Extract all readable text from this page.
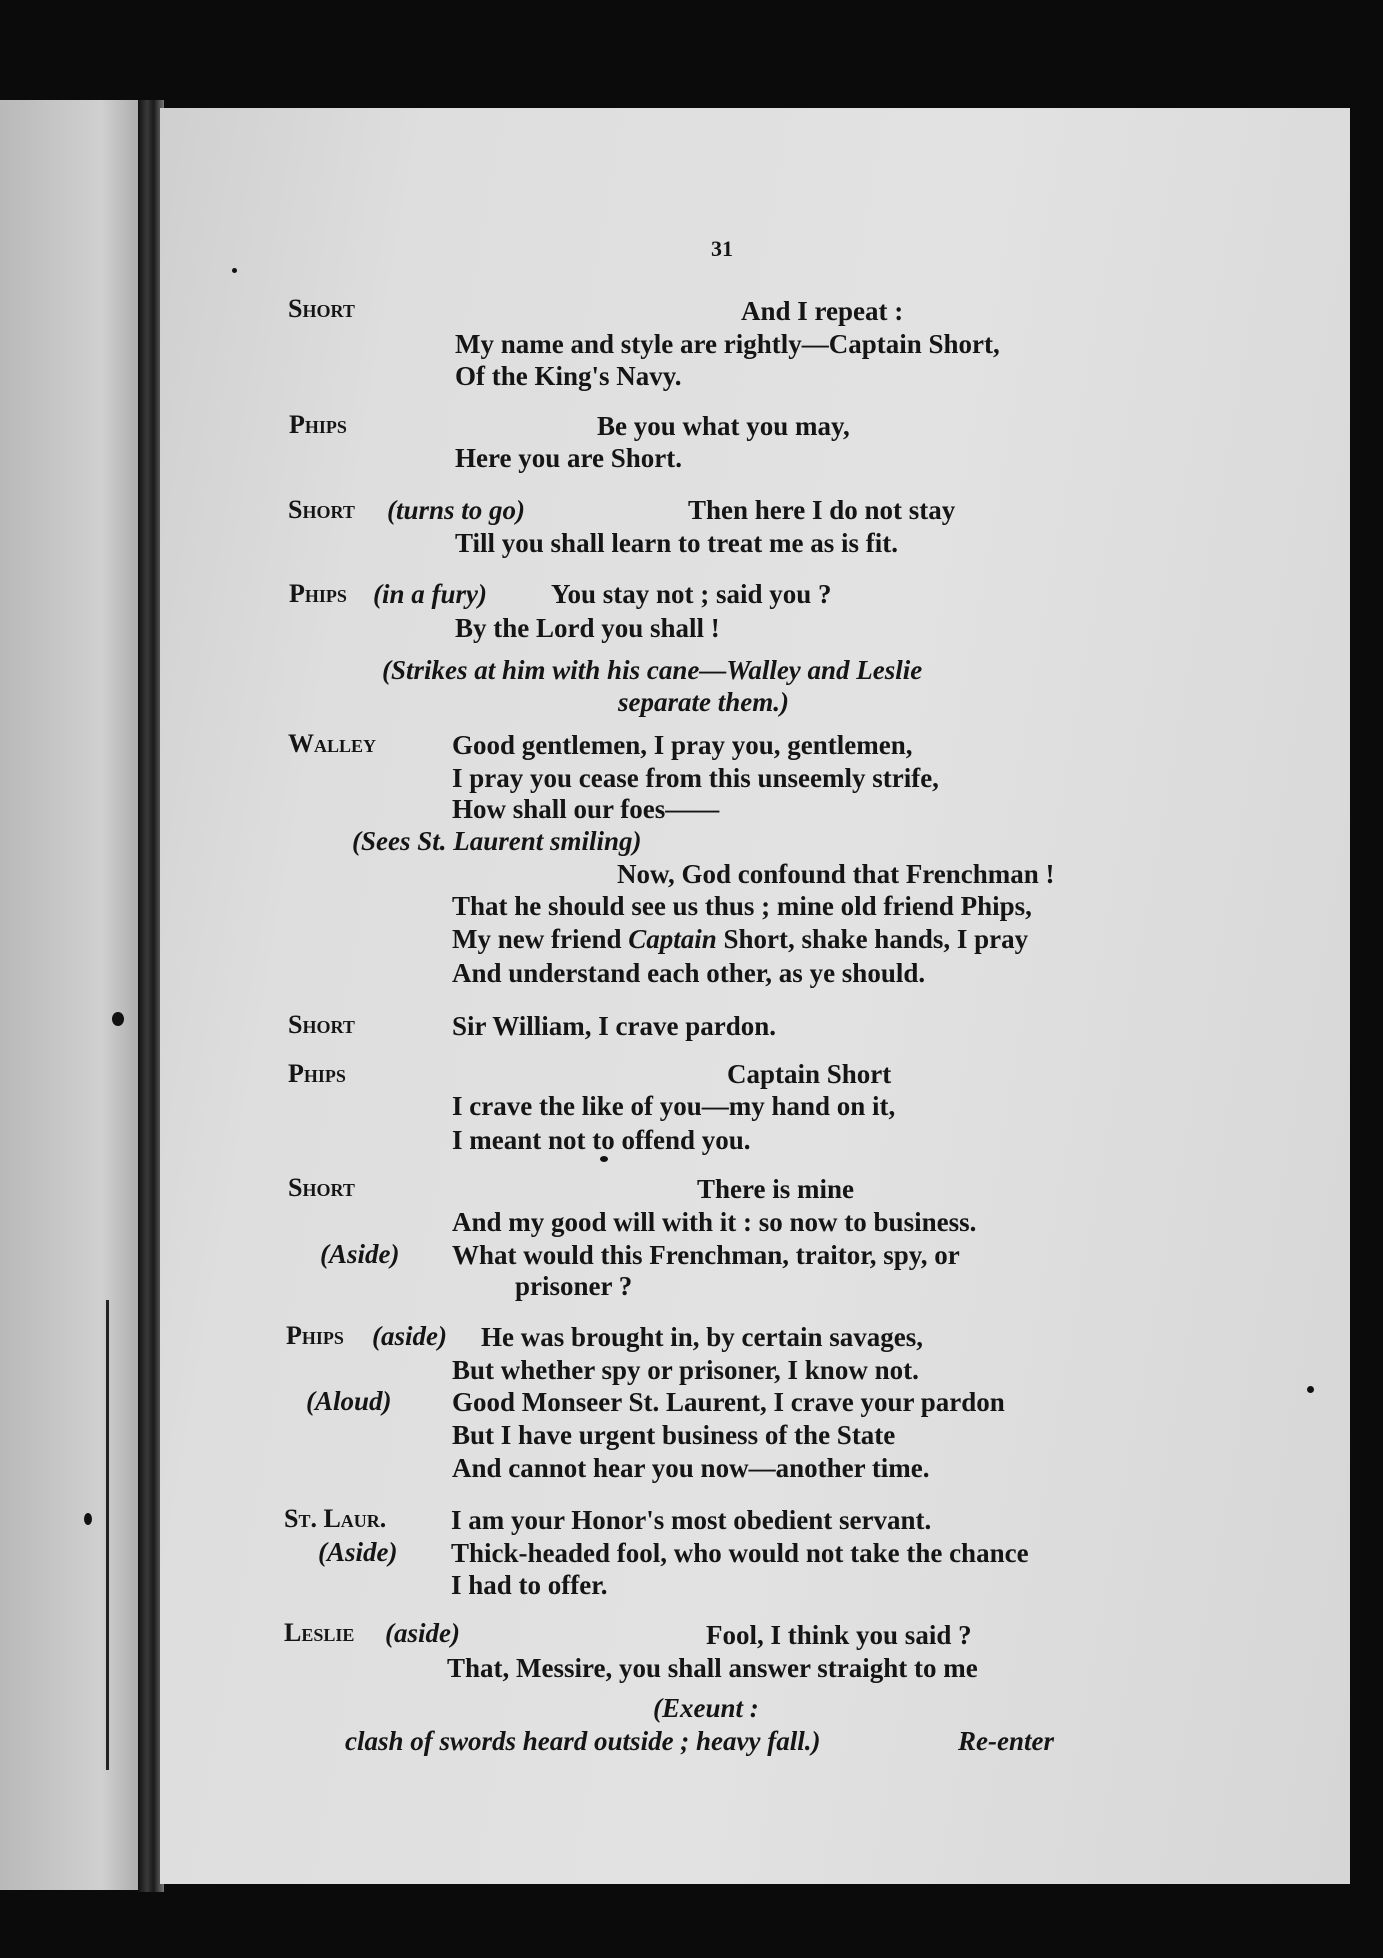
31
Short	And I repeat :
My name and style are rightly—Captain Short,
Of the King's Navy.
Phips	Be you what you may,
Here you are Short.
Short (turns to go)	Then here I do not stay
Till you shall learn to treat me as is fit.
Phips (in a fury) You stay not ; said you ?
By the Lord you shall !
(Strikes at him with his cane—Walley and Leslie
separate them.)
Walley	Good gentlemen, I pray you, gentlemen,
I pray you cease from this unseemly strife,
How shall our foes——
(Sees St. Laurent smiling)
Now, God confound that Frenchman !
That he should see us thus ; mine old friend Phips,
My new friend Captain Short, shake hands, I pray
And understand each other, as ye should.
Short	Sir William, I crave pardon.
Phips	Captain Short
I crave the like of you—my hand on it,
I meant not to offend you.
Short	There is mine
And my good will with it : so now to business.
(Aside) What would this Frenchman, traitor, spy, or
prisoner ?
Phips (aside) He was brought in, by certain savages,
But whether spy or prisoner, I know not.
(Aloud) Good Monseer St. Laurent, I crave your pardon
But I have urgent business of the State
And cannot hear you now—another time.
St. Laur. I am your Honor's most obedient servant.
(Aside) Thick-headed fool, who would not take the chance
I had to offer.
Leslie (aside)	Fool, I think you said ?
That, Messire, you shall answer straight to me
(Exeunt :
clash of swords heard outside ; heavy fall.)	Re-enter
